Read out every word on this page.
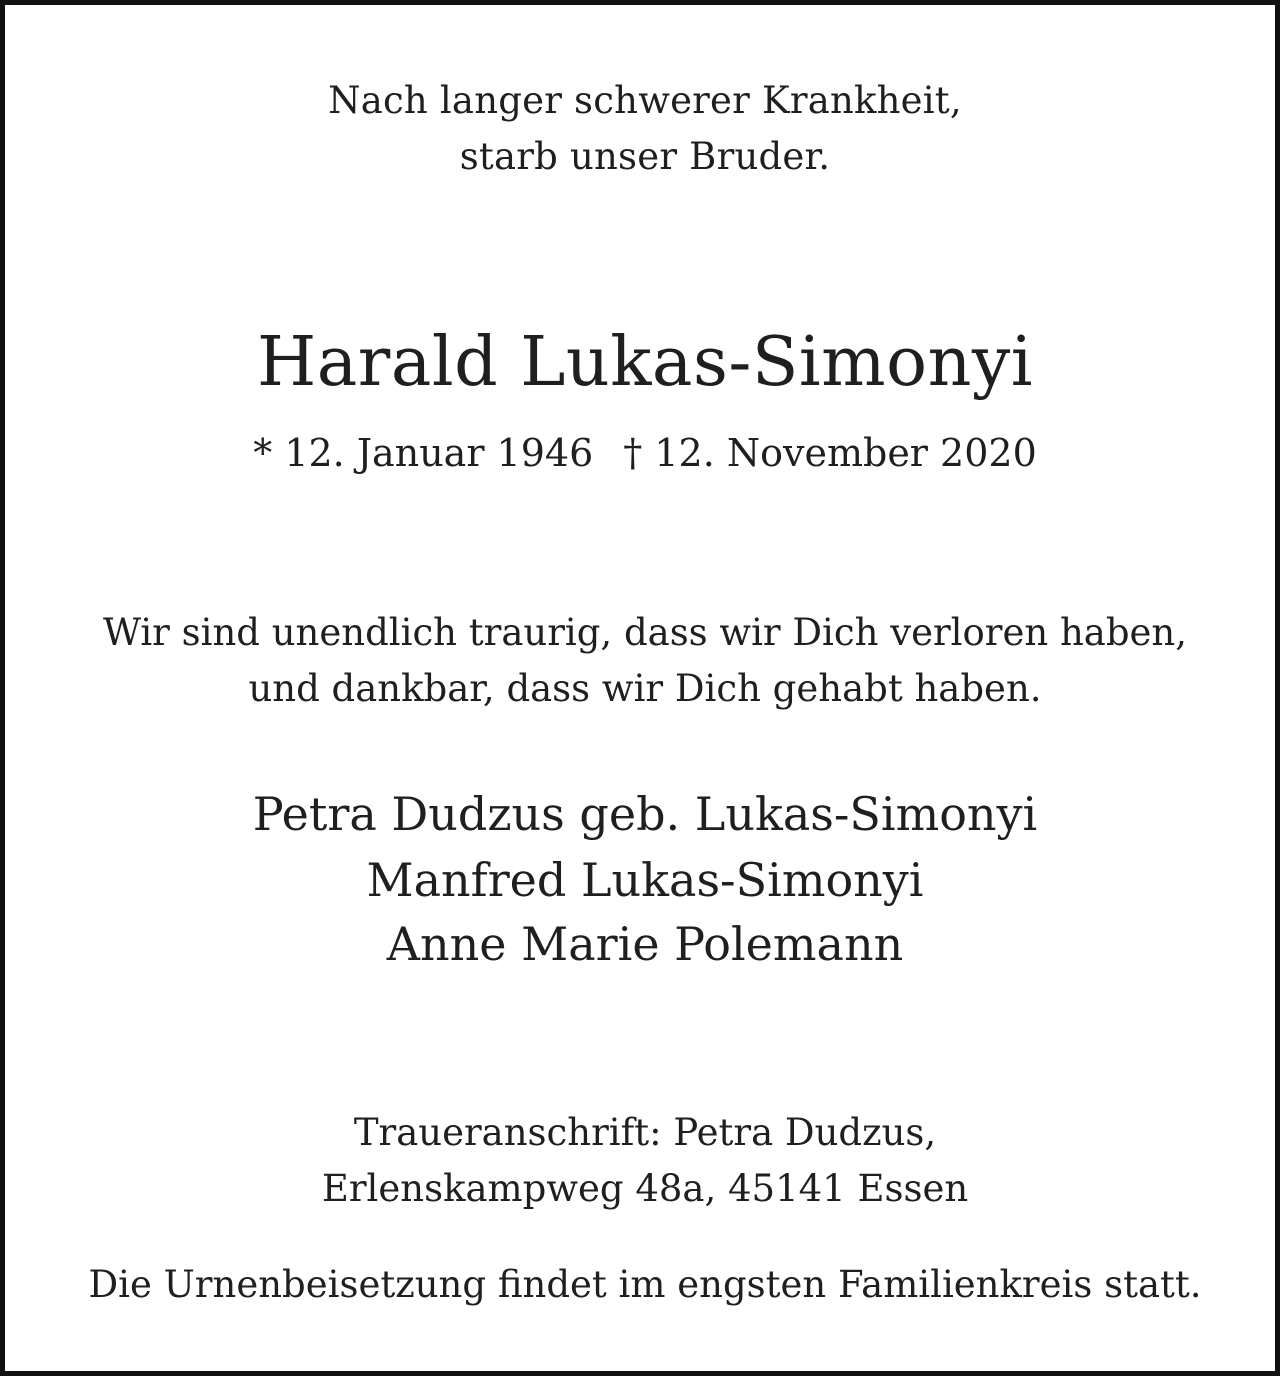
Nach langer schwerer Krankheit,
starb unser Bruder.
Harald Lukas-Simonyi
* 12. Januar 1946 † 12. November 2020
Wir sind unendlich traurig, dass wir Dich verloren haben,
und dankbar, dass wir Dich gehabt haben.
Petra Dudzus geb. Lukas-Simonyi
Manfred Lukas-Simonyi
Anne Marie Polemann
Traueranschrift: Petra Dudzus,
Erlenskampweg 48a, 45141 Essen
Die Urnenbeisetzung findet im engsten Familienkreis statt.
